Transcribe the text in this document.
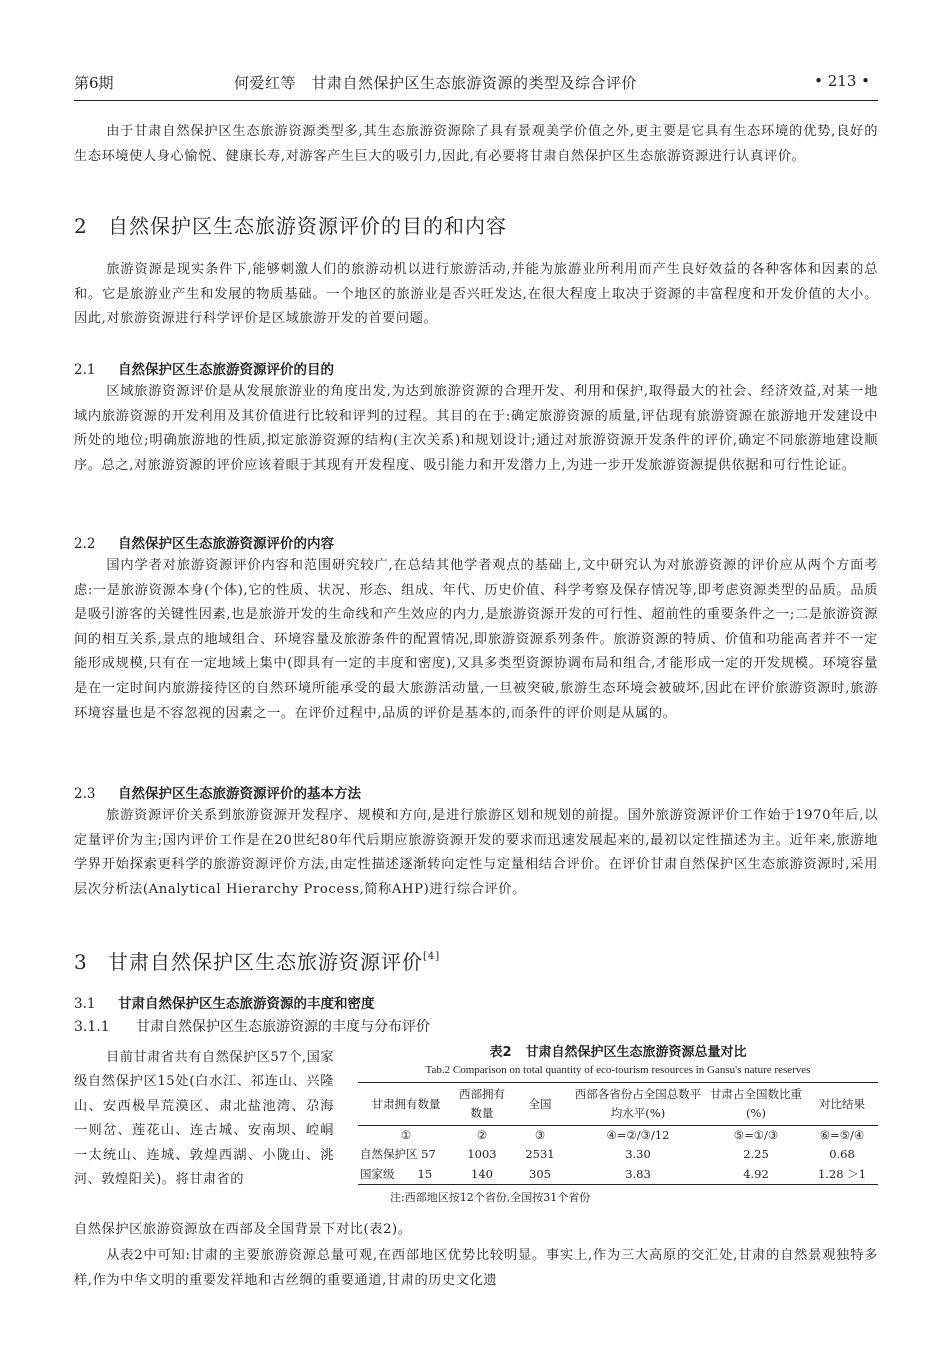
第6期	何爱红等　甘肃自然保护区生态旅游资源的类型及综合评价	• 213 •
由于甘肃自然保护区生态旅游资源类型多,其生态旅游资源除了具有景观美学价值之外,更主要是它具有生态环境的优势,良好的生态环境使人身心愉悦、健康长寿,对游客产生巨大的吸引力,因此,有必要将甘肃自然保护区生态旅游资源进行认真评价。
2 自然保护区生态旅游资源评价的目的和内容
旅游资源是现实条件下,能够刺激人们的旅游动机以进行旅游活动,并能为旅游业所利用而产生良好效益的各种客体和因素的总和。它是旅游业产生和发展的物质基础。一个地区的旅游业是否兴旺发达,在很大程度上取决于资源的丰富程度和开发价值的大小。因此,对旅游资源进行科学评价是区域旅游开发的首要问题。
2.1 自然保护区生态旅游资源评价的目的
区域旅游资源评价是从发展旅游业的角度出发,为达到旅游资源的合理开发、利用和保护,取得最大的社会、经济效益,对某一地域内旅游资源的开发利用及其价值进行比较和评判的过程。其目的在于:确定旅游资源的质量,评估现有旅游资源在旅游地开发建设中所处的地位;明确旅游地的性质,拟定旅游资源的结构(主次关系)和规划设计;通过对旅游资源开发条件的评价,确定不同旅游地建设顺序。总之,对旅游资源的评价应该着眼于其现有开发程度、吸引能力和开发潜力上,为进一步开发旅游资源提供依据和可行性论证。
2.2 自然保护区生态旅游资源评价的内容
国内学者对旅游资源评价内容和范围研究较广,在总结其他学者观点的基础上,文中研究认为对旅游资源的评价应从两个方面考虑:一是旅游资源本身(个体),它的性质、状况、形态、组成、年代、历史价值、科学考察及保存情况等,即考虑资源类型的品质。品质是吸引游客的关键性因素,也是旅游开发的生命线和产生效应的内力,是旅游资源开发的可行性、超前性的重要条件之一;二是旅游资源间的相互关系,景点的地域组合、环境容量及旅游条件的配置情况,即旅游资源系列条件。旅游资源的特质、价值和功能高者并不一定能形成规模,只有在一定地域上集中(即具有一定的丰度和密度),又具多类型资源协调布局和组合,才能形成一定的开发规模。环境容量是在一定时间内旅游接待区的自然环境所能承受的最大旅游活动量,一旦被突破,旅游生态环境会被破坏,因此在评价旅游资源时,旅游环境容量也是不容忽视的因素之一。在评价过程中,品质的评价是基本的,而条件的评价则是从属的。
2.3 自然保护区生态旅游资源评价的基本方法
旅游资源评价关系到旅游资源开发程序、规模和方向,是进行旅游区划和规划的前提。国外旅游资源评价工作始于1970年后,以定量评价为主;国内评价工作是在20世纪80年代后期应旅游资源开发的要求而迅速发展起来的,最初以定性描述为主。近年来,旅游地学界开始探索更科学的旅游资源评价方法,由定性描述逐渐转向定性与定量相结合评价。在评价甘肃自然保护区生态旅游资源时,采用层次分析法(Analytical Hierarchy Process,简称AHP)进行综合评价。
3 甘肃自然保护区生态旅游资源评价[4]
3.1 甘肃自然保护区生态旅游资源的丰度和密度
3.1.1 甘肃自然保护区生态旅游资源的丰度与分布评价
目前甘肃省共有自然保护区57个,国家级自然保护区15处(白水江、祁连山、兴隆山、安西极旱荒漠区、肃北盐池湾、尕海一则岔、莲花山、连古城、安南坝、崆峒一太统山、连城、敦煌西湖、小陇山、洮河、敦煌阳关)。将甘肃省的
表2 甘肃自然保护区生态旅游资源总量对比
Tab.2 Comparison on total quantity of eco-tourism resources in Gansu's nature reserves
甘肃拥有数量	西部拥有数量	全国	西部各省份占全国总数平均水平(%)	甘肃占全国数比重(%)	对比结果
①	②	③	④=②/③/12	⑤=①/③	⑥=⑤/④
自然保护区 57	1003	2531	3.30	2.25	0.68
国家级　　15	140	305	3.83	4.92	1.28 ＞1
注:西部地区按12个省份,全国按31个省份
自然保护区旅游资源放在西部及全国背景下对比(表2)。
从表2中可知:甘肃的主要旅游资源总量可观,在西部地区优势比较明显。事实上,作为三大高原的交汇处,甘肃的自然景观独特多样,作为中华文明的重要发祥地和古丝绸的重要通道,甘肃的历史文化遗
